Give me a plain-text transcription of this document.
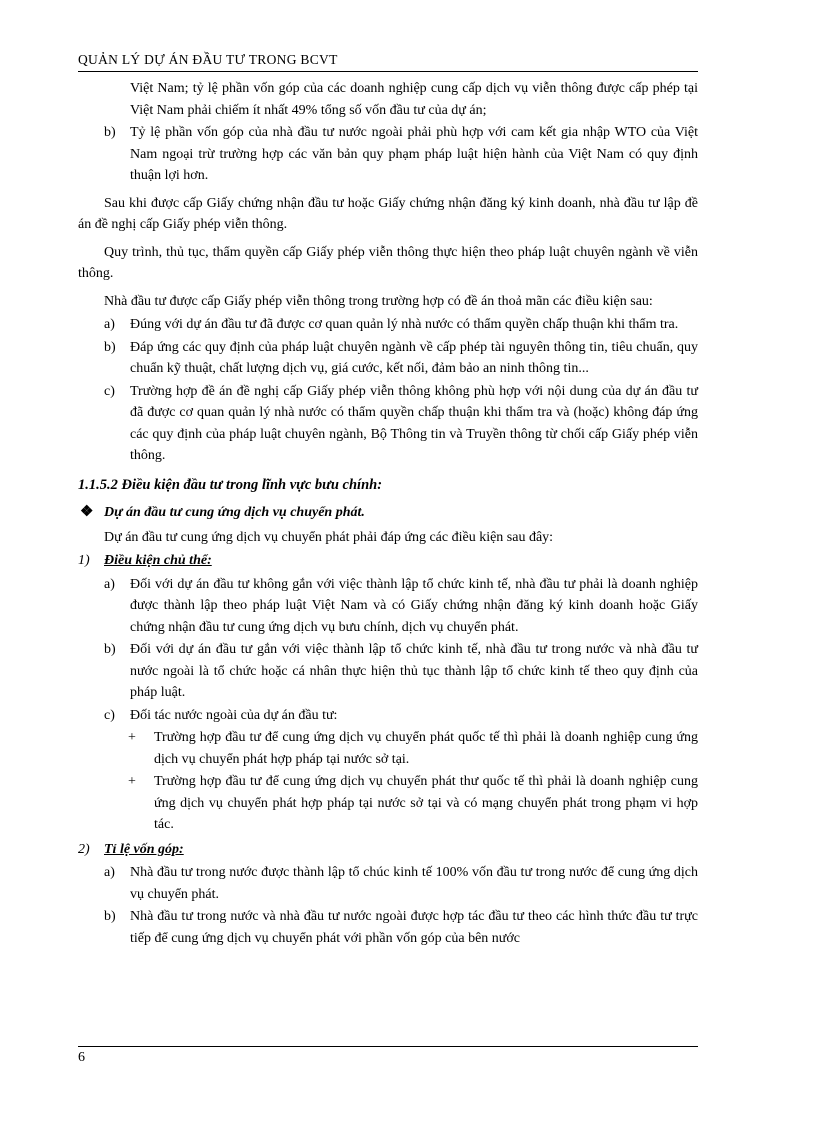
QUẢN LÝ DỰ ÁN ĐẦU TƯ TRONG BCVT
Việt Nam; tỷ lệ phần vốn góp của các doanh nghiệp cung cấp dịch vụ viễn thông được cấp phép tại Việt Nam phải chiếm ít nhất 49% tổng số vốn đầu tư của dự án;
b) Tỷ lệ phần vốn góp của nhà đầu tư nước ngoài phải phù hợp với cam kết gia nhập WTO của Việt Nam ngoại trừ trường hợp các văn bản quy phạm pháp luật hiện hành của Việt Nam có quy định thuận lợi hơn.

Sau khi được cấp Giấy chứng nhận đầu tư hoặc Giấy chứng nhận đăng ký kinh doanh, nhà đầu tư lập đề án đề nghị cấp Giấy phép viễn thông.

Quy trình, thủ tục, thẩm quyền cấp Giấy phép viễn thông thực hiện theo pháp luật chuyên ngành về viễn thông.

Nhà đầu tư được cấp Giấy phép viễn thông trong trường hợp có đề án thoả mãn các điều kiện sau:

a) Đúng với dự án đầu tư đã được cơ quan quản lý nhà nước có thẩm quyền chấp thuận khi thẩm tra.
b) Đáp ứng các quy định của pháp luật chuyên ngành về cấp phép tài nguyên thông tin, tiêu chuẩn, quy chuẩn kỹ thuật, chất lượng dịch vụ, giá cước, kết nối, đảm bảo an ninh thông tin...
c) Trường hợp đề án đề nghị cấp Giấy phép viễn thông không phù hợp với nội dung của dự án đầu tư đã được cơ quan quản lý nhà nước có thẩm quyền chấp thuận khi thẩm tra và (hoặc) không đáp ứng các quy định của pháp luật chuyên ngành, Bộ Thông tin và Truyền thông từ chối cấp Giấy phép viễn thông.
1.1.5.2 Điều kiện đầu tư trong lĩnh vực bưu chính:
❖ Dự án đầu tư cung ứng dịch vụ chuyển phát.

Dự án đầu tư cung ứng dịch vụ chuyển phát phải đáp ứng các điều kiện sau đây:

1) Điều kiện chủ thể:
a) Đối với dự án đầu tư không gắn với việc thành lập tổ chức kinh tế, nhà đầu tư phải là doanh nghiệp được thành lập theo pháp luật Việt Nam và có Giấy chứng nhận đăng ký kinh doanh hoặc Giấy chứng nhận đầu tư cung ứng dịch vụ bưu chính, dịch vụ chuyển phát.
b) Đối với dự án đầu tư gắn với việc thành lập tổ chức kinh tế, nhà đầu tư trong nước và nhà đầu tư nước ngoài là tổ chức hoặc cá nhân thực hiện thủ tục thành lập tổ chức kinh tế theo quy định của pháp luật.
c) Đối tác nước ngoài của dự án đầu tư:
+ Trường hợp đầu tư để cung ứng dịch vụ chuyển phát quốc tế thì phải là doanh nghiệp cung ứng dịch vụ chuyển phát hợp pháp tại nước sở tại.
+ Trường hợp đầu tư để cung ứng dịch vụ chuyển phát thư quốc tế thì phải là doanh nghiệp cung ứng dịch vụ chuyển phát hợp pháp tại nước sở tại và có mạng chuyển phát trong phạm vi hợp tác.
2) Tỉ lệ vốn góp:
a) Nhà đầu tư trong nước được thành lập tổ chúc kinh tế 100% vốn đầu tư trong nước để cung ứng dịch vụ chuyển phát.
b) Nhà đầu tư trong nước và nhà đầu tư nước ngoài được hợp tác đầu tư theo các hình thức đầu tư trực tiếp để cung ứng dịch vụ chuyển phát với phần vốn góp của bên nước
6
